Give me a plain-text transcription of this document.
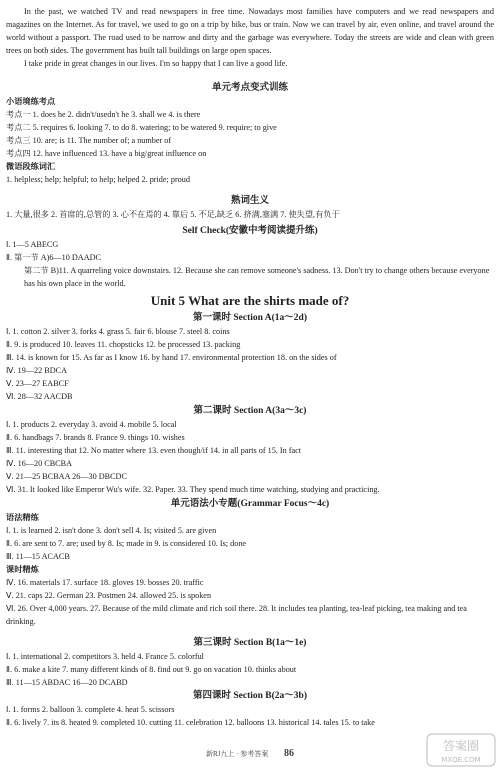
In the past, we watched TV and read newspapers in free time. Nowadays most families have computers and we read newspapers and magazines on the Internet. As for travel, we used to go on a trip by bike, bus or train. Now we can travel by air, even online, and travel around the world without a passport. The road used to be narrow and dirty and the garbage was everywhere. Today the streets are wide and clean with green trees on both sides. The government has built tall buildings on large open spaces.

I take pride in great changes in our lives. I'm so happy that I can live a good life.

单元考点变式训练
小语境练考点
考点一 1. does he 2. didn't/usedn't he 3. shall we 4. is there
考点二 5. requires 6. looking 7. to do 8. watering; to be watered 9. require; to give
考点三 10. are; is 11. The number of; a number of
考点四 12. have influenced 13. have a big/great influence on
微语段练词汇
1. helpless; help; helpful; to help; helped 2. pride; proud
熟词生义
1. 大量,很多 2. 首席的,总管的 3. 心不在焉的 4. 靠后 5. 不足,缺乏 6. 挤满,塞满 7. 使失望,有负于
Self Check(安徽中考阅读提升练)
Ⅰ. 1—5 ABECG
Ⅱ. 第一节 A)6—10 DAADC
第二节 B)11. A quarreling voice downstairs. 12. Because she can remove someone's sadness. 13. Don't try to change others because everyone has his own place in the world.
Unit 5 What are the shirts made of?
第一课时 Section A(1a～2d)
Ⅰ. 1. cotton 2. silver 3. forks 4. grass 5. fair 6. blouse 7. steel 8. coins
Ⅱ. 9. is produced 10. leaves 11. chopsticks 12. be processed 13. packing
Ⅲ. 14. is known for 15. As far as I know 16. by hand 17. environmental protection 18. on the sides of
Ⅳ. 19—22 BDCA
Ⅴ. 23—27 EABCF
Ⅵ. 28—32 AACDB
第二课时 Section A(3a～3c)
Ⅰ. 1. products 2. everyday 3. avoid 4. mobile 5. local
Ⅱ. 6. handbags 7. brands 8. France 9. things 10. wishes
Ⅲ. 11. interesting that 12. No matter where 13. even though/if 14. in all parts of 15. In fact
Ⅳ. 16—20 CBCBA
Ⅴ. 21—25 BCBAA 26—30 DBCDC
Ⅵ. 31. It looked like Emperor Wu's wife. 32. Paper. 33. They spend much time watching, studying and practicing.
单元语法小专题(Grammar Focus～4c)
语法精练
Ⅰ. 1. is learned 2. isn't done 3. don't sell 4. Is; visited 5. are given
Ⅱ. 6. are sent to 7. are; used by 8. Is; made in 9. is considered 10. Is; done
Ⅲ. 11—15 ACACB
课时精炼
Ⅳ. 16. materials 17. surface 18. gloves 19. bosses 20. traffic
Ⅴ. 21. caps 22. German 23. Postmen 24. allowed 25. is spoken
Ⅵ. 26. Over 4,000 years. 27. Because of the mild climate and rich soil there. 28. It includes tea planting, tea-leaf picking, tea making and tea drinking.
第三课时 Section B(1a～1e)
Ⅰ. 1. international 2. competitors 3. held 4. France 5. colorful
Ⅱ. 6. make a kite 7. many different kinds of 8. find out 9. go on vacation 10. thinks about
Ⅲ. 11—15 ABDAC 16—20 DCABD
第四课时 Section B(2a～3b)
Ⅰ. 1. forms 2. balloon 3. complete 4. heat 5. scissors
Ⅱ. 6. lively 7. its 8. heated 9. completed 10. cutting 11. celebration 12. balloons 13. historical 14. tales 15. to take
新RJ九上 · 参考答案 86
答案圈
MXQE.COM
